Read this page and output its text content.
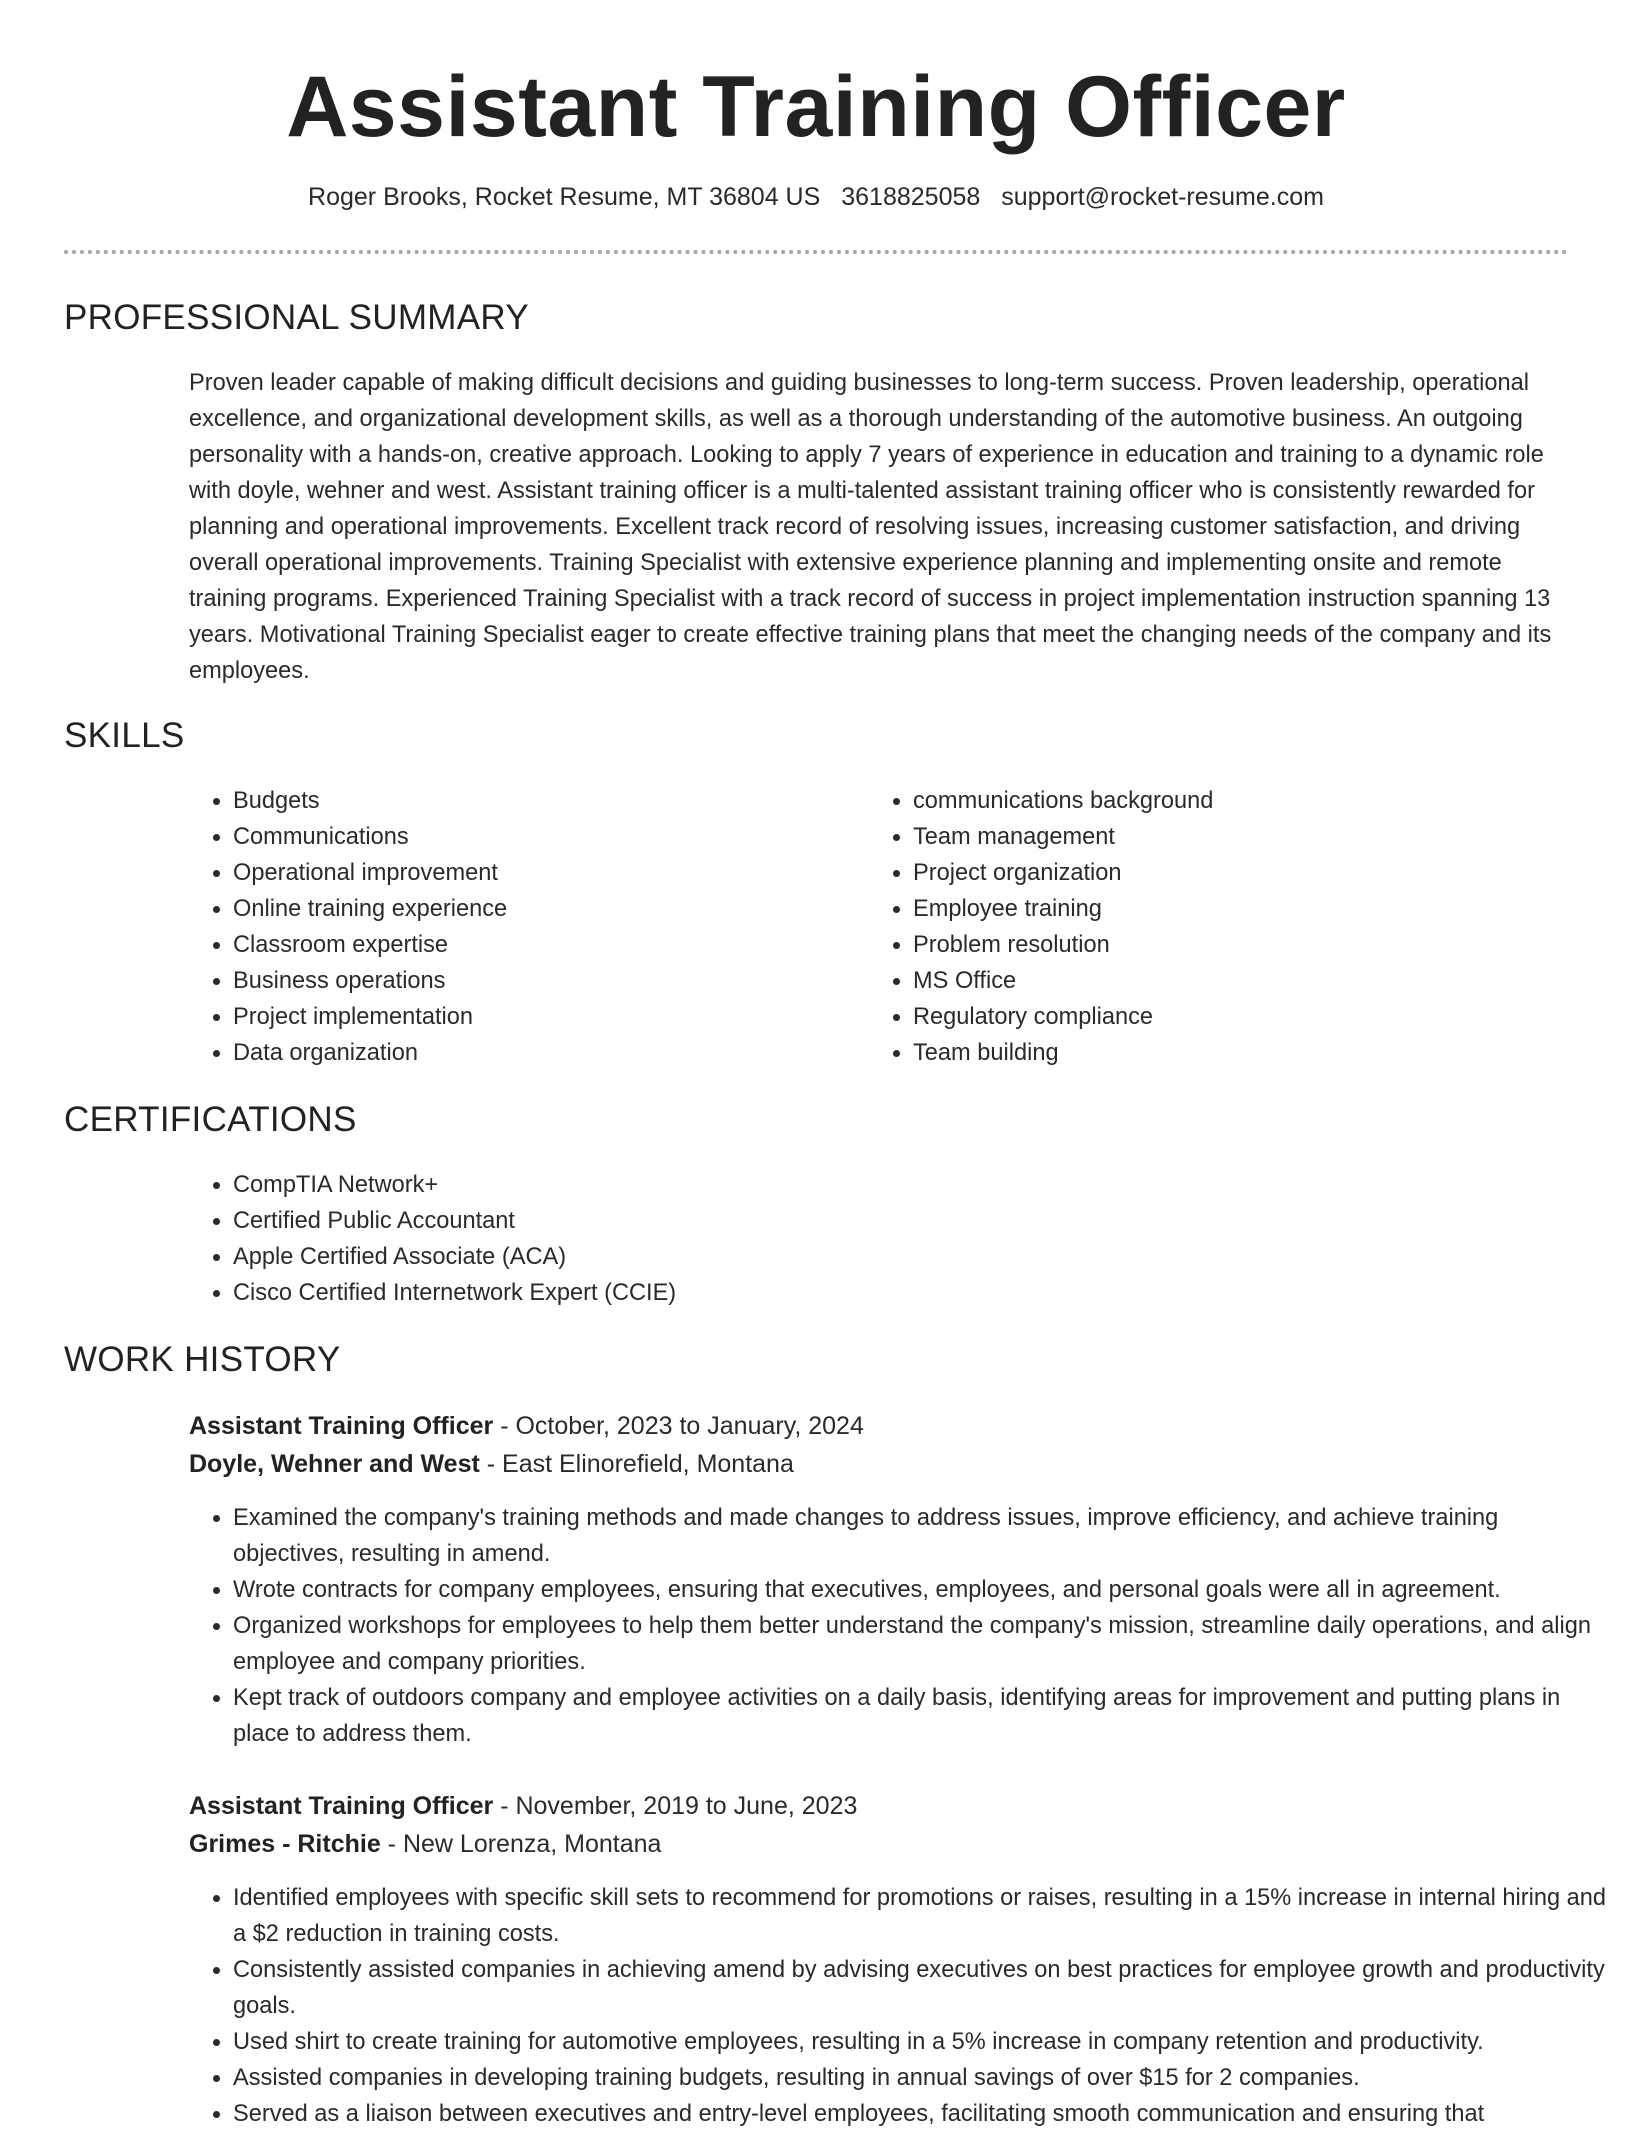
Assistant Training Officer
Roger Brooks, Rocket Resume, MT 36804 US 3618825058 support@rocket-resume.com
PROFESSIONAL SUMMARY

Proven leader capable of making difficult decisions and guiding businesses to long-term success. Proven leadership, operational excellence, and organizational development skills, as well as a thorough understanding of the automotive business. An outgoing personality with a hands-on, creative approach. Looking to apply 7 years of experience in education and training to a dynamic role with doyle, wehner and west. Assistant training officer is a multi-talented assistant training officer who is consistently rewarded for planning and operational improvements. Excellent track record of resolving issues, increasing customer satisfaction, and driving overall operational improvements. Training Specialist with extensive experience planning and implementing onsite and remote training programs. Experienced Training Specialist with a track record of success in project implementation instruction spanning 13 years. Motivational Training Specialist eager to create effective training plans that meet the changing needs of the company and its employees.

SKILLS
• Budgets
• Communications
• Operational improvement
• Online training experience
• Classroom expertise
• Business operations
• Project implementation
• Data organization
• communications background
• Team management
• Project organization
• Employee training
• Problem resolution
• MS Office
• Regulatory compliance
• Team building
CERTIFICATIONS
• CompTIA Network+
• Certified Public Accountant
• Apple Certified Associate (ACA)
• Cisco Certified Internetwork Expert (CCIE)
WORK HISTORY
Assistant Training Officer - October, 2023 to January, 2024
Doyle, Wehner and West - East Elinorefield, Montana
• Examined the company's training methods and made changes to address issues, improve efficiency, and achieve training objectives, resulting in amend.
• Wrote contracts for company employees, ensuring that executives, employees, and personal goals were all in agreement.
• Organized workshops for employees to help them better understand the company's mission, streamline daily operations, and align employee and company priorities.
• Kept track of outdoors company and employee activities on a daily basis, identifying areas for improvement and putting plans in place to address them.
Assistant Training Officer - November, 2019 to June, 2023
Grimes - Ritchie - New Lorenza, Montana
• Identified employees with specific skill sets to recommend for promotions or raises, resulting in a 15% increase in internal hiring and a $2 reduction in training costs.
• Consistently assisted companies in achieving amend by advising executives on best practices for employee growth and productivity goals.
• Used shirt to create training for automotive employees, resulting in a 5% increase in company retention and productivity.
• Assisted companies in developing training budgets, resulting in annual savings of over $15 for 2 companies.
• Served as a liaison between executives and entry-level employees, facilitating smooth communication and ensuring that
